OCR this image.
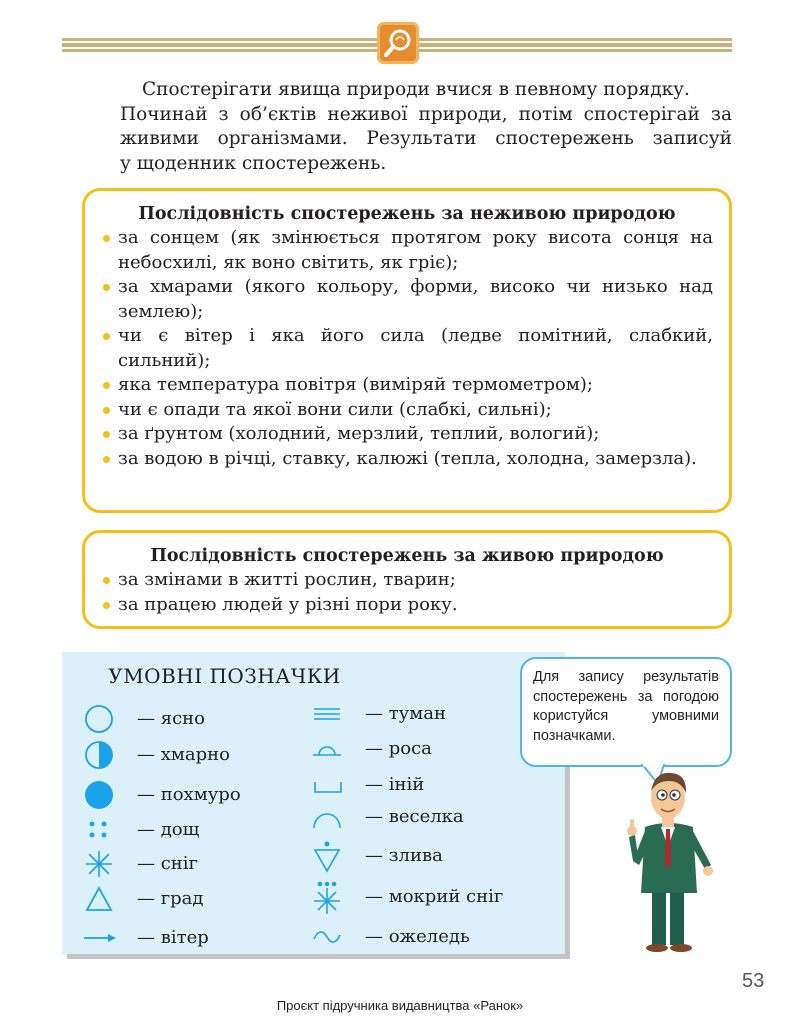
Спостерігати явища природи вчися в певному порядку.

Починай з об’єктів неживої природи, потім спостерігай за
живими організмами. Результати спостережень записуй
у щоденник спостережень.
Послідовність спостережень за неживою природою
за сонцем (як змінюється протягом року висота сонця на небосхилі, як воно світить, як гріє);
за хмарами (якого кольору, форми, високо чи низько над землею);
чи є вітер і яка його сила (ледве помітний, слабкий, сильний);
яка температура повітря (виміряй термометром);
чи є опади та якої вони сили (слабкі, сильні);
за ґрунтом (холодний, мерзлий, теплий, вологий);
за водою в річці, ставку, калюжі (тепла, холодна, замерзла).
Послідовність спостережень за живою природою
за змінами в житті рослин, тварин;
за працею людей у різні пори року.
УМОВНІ ПОЗНАЧКИ
— ясно
— хмарно
— похмуро
— дощ
— сніг
— град
— вітер
— туман
— роса
— іній
— веселка
— злива
— мокрий сніг
— ожеледь
Для запису результатів спостережень за погодою користуйся умовними позначками.
53
Проєкт підручника видавництва «Ранок»
